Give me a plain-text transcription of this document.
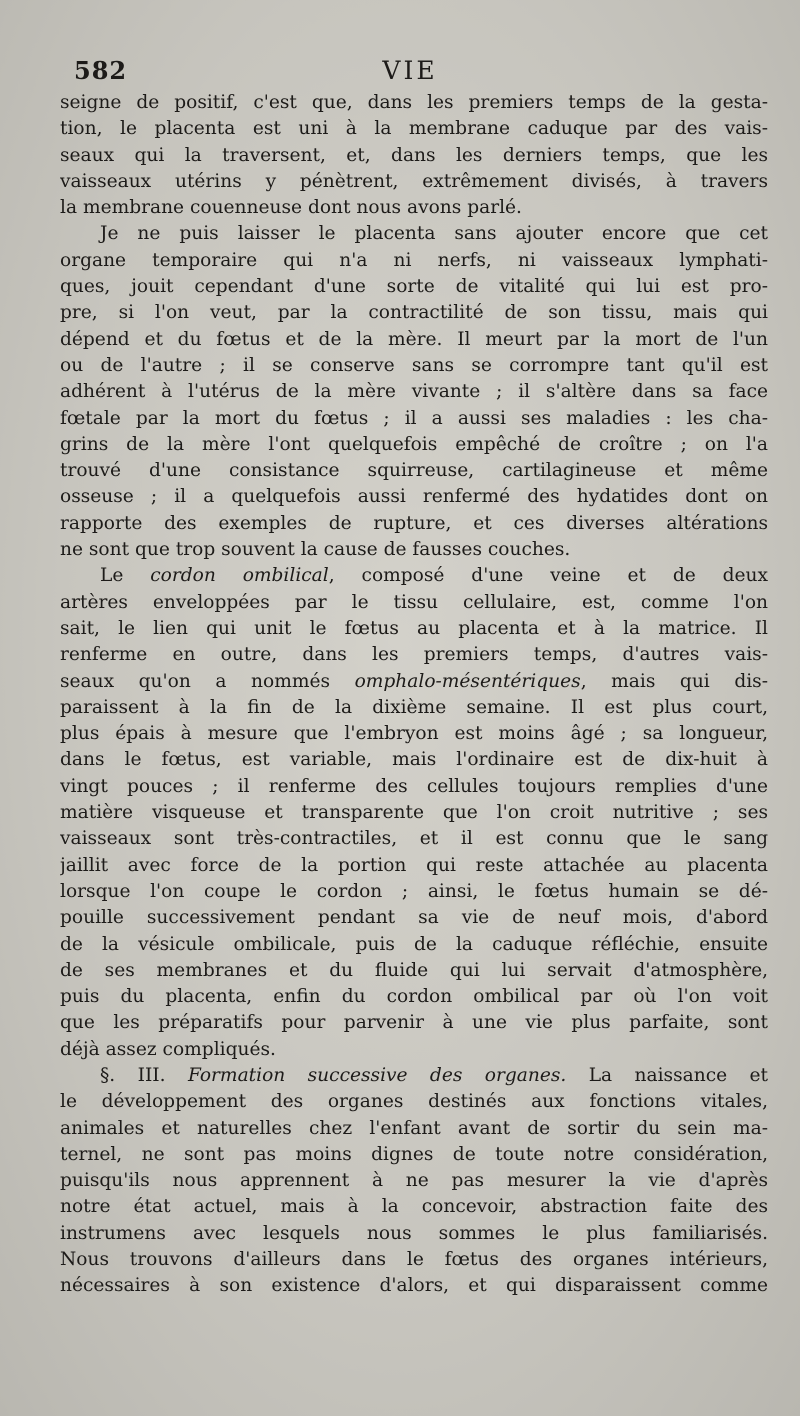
582	VIE
seigne de positif, c'est que, dans les premiers temps de la gesta-
tion, le placenta est uni à la membrane caduque par des vais-
seaux qui la traversent, et, dans les derniers temps, que les
vaisseaux utérins y pénètrent, extrêmement divisés, à travers
la membrane couenneuse dont nous avons parlé.
Je ne puis laisser le placenta sans ajouter encore que cet
organe temporaire qui n'a ni nerfs, ni vaisseaux lymphati-
ques, jouit cependant d'une sorte de vitalité qui lui est pro-
pre, si l'on veut, par la contractilité de son tissu, mais qui
dépend et du fœtus et de la mère. Il meurt par la mort de l'un
ou de l'autre ; il se conserve sans se corrompre tant qu'il est
adhérent à l'utérus de la mère vivante ; il s'altère dans sa face
fœtale par la mort du fœtus ; il a aussi ses maladies : les cha-
grins de la mère l'ont quelquefois empêché de croître ; on l'a
trouvé d'une consistance squirreuse, cartilagineuse et même
osseuse ; il a quelquefois aussi renfermé des hydatides dont on
rapporte des exemples de rupture, et ces diverses altérations
ne sont que trop souvent la cause de fausses couches.
Le cordon ombilical, composé d'une veine et de deux
artères enveloppées par le tissu cellulaire, est, comme l'on
sait, le lien qui unit le fœtus au placenta et à la matrice. Il
renferme en outre, dans les premiers temps, d'autres vais-
seaux qu'on a nommés omphalo-mésentériques, mais qui dis-
paraissent à la fin de la dixième semaine. Il est plus court,
plus épais à mesure que l'embryon est moins âgé ; sa longueur,
dans le fœtus, est variable, mais l'ordinaire est de dix-huit à
vingt pouces ; il renferme des cellules toujours remplies d'une
matière visqueuse et transparente que l'on croit nutritive ; ses
vaisseaux sont très-contractiles, et il est connu que le sang
jaillit avec force de la portion qui reste attachée au placenta
lorsque l'on coupe le cordon ; ainsi, le fœtus humain se dé-
pouille successivement pendant sa vie de neuf mois, d'abord
de la vésicule ombilicale, puis de la caduque réfléchie, ensuite
de ses membranes et du fluide qui lui servait d'atmosphère,
puis du placenta, enfin du cordon ombilical par où l'on voit
que les préparatifs pour parvenir à une vie plus parfaite, sont
déjà assez compliqués.
§. III. Formation successive des organes. La naissance et
le développement des organes destinés aux fonctions vitales,
animales et naturelles chez l'enfant avant de sortir du sein ma-
ternel, ne sont pas moins dignes de toute notre considération,
puisqu'ils nous apprennent à ne pas mesurer la vie d'après
notre état actuel, mais à la concevoir, abstraction faite des
instrumens avec lesquels nous sommes le plus familiarisés.
Nous trouvons d'ailleurs dans le fœtus des organes intérieurs,
nécessaires à son existence d'alors, et qui disparaissent comme
